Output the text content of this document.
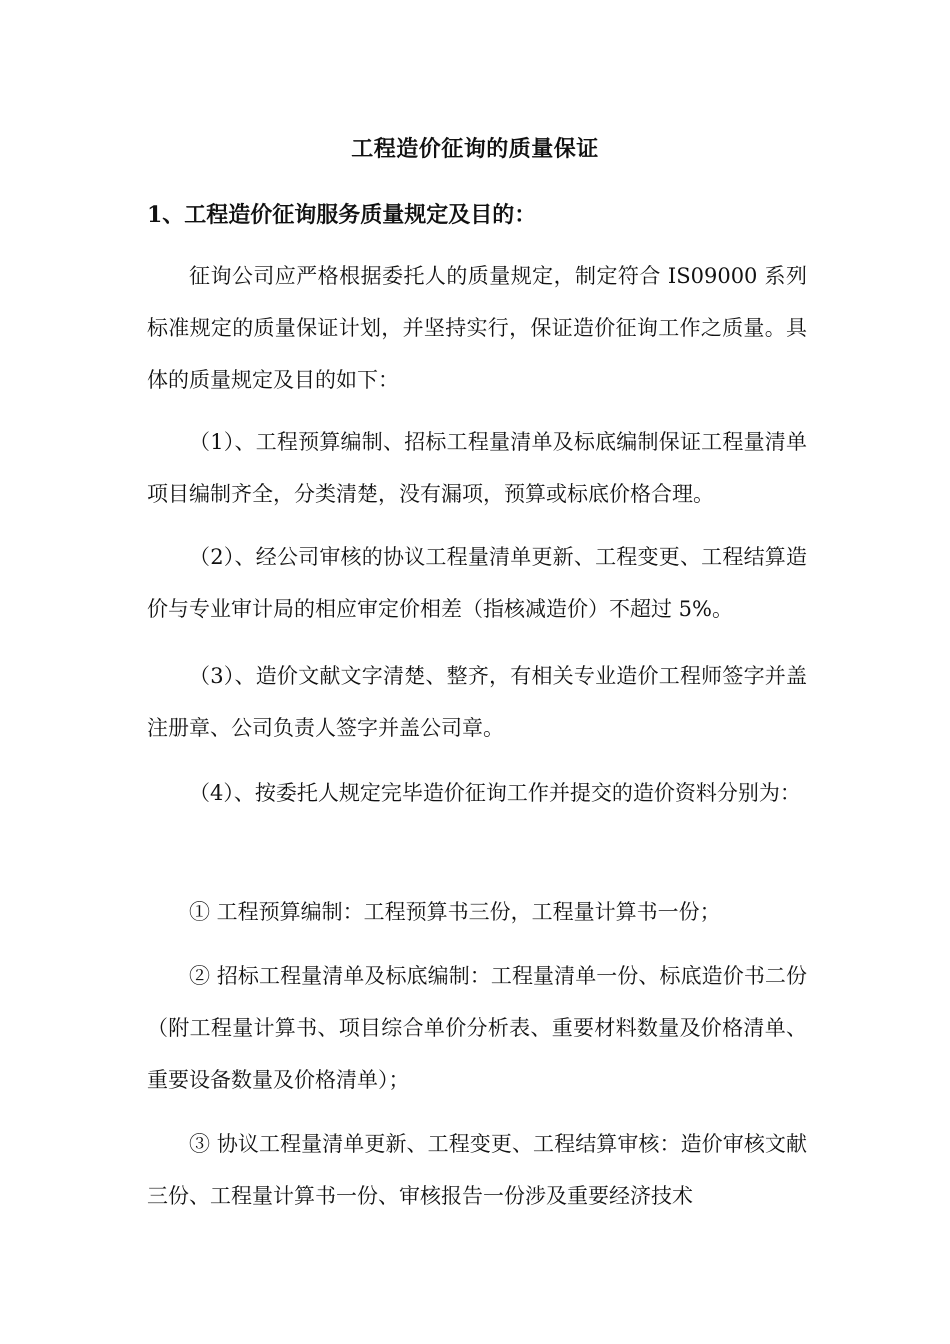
工程造价征询的质量保证
1、工程造价征询服务质量规定及目的：

征询公司应严格根据委托人的质量规定，制定符合 IS09000 系列标准规定的质量保证计划，并坚持实行，保证造价征询工作之质量。具体的质量规定及目的如下：

（1）、工程预算编制、招标工程量清单及标底编制保证工程量清单项目编制齐全，分类清楚，没有漏项，预算或标底价格合理。

（2）、经公司审核的协议工程量清单更新、工程变更、工程结算造价与专业审计局的相应审定价相差（指核减造价）不超过 5%。

（3）、造价文献文字清楚、整齐，有相关专业造价工程师签字并盖注册章、公司负责人签字并盖公司章。

（4）、按委托人规定完毕造价征询工作并提交的造价资料分别为：

① 工程预算编制：工程预算书三份，工程量计算书一份；

② 招标工程量清单及标底编制：工程量清单一份、标底造价书二份（附工程量计算书、项目综合单价分析表、重要材料数量及价格清单、重要设备数量及价格清单）；

③ 协议工程量清单更新、工程变更、工程结算审核：造价审核文献三份、工程量计算书一份、审核报告一份涉及重要经济技术
